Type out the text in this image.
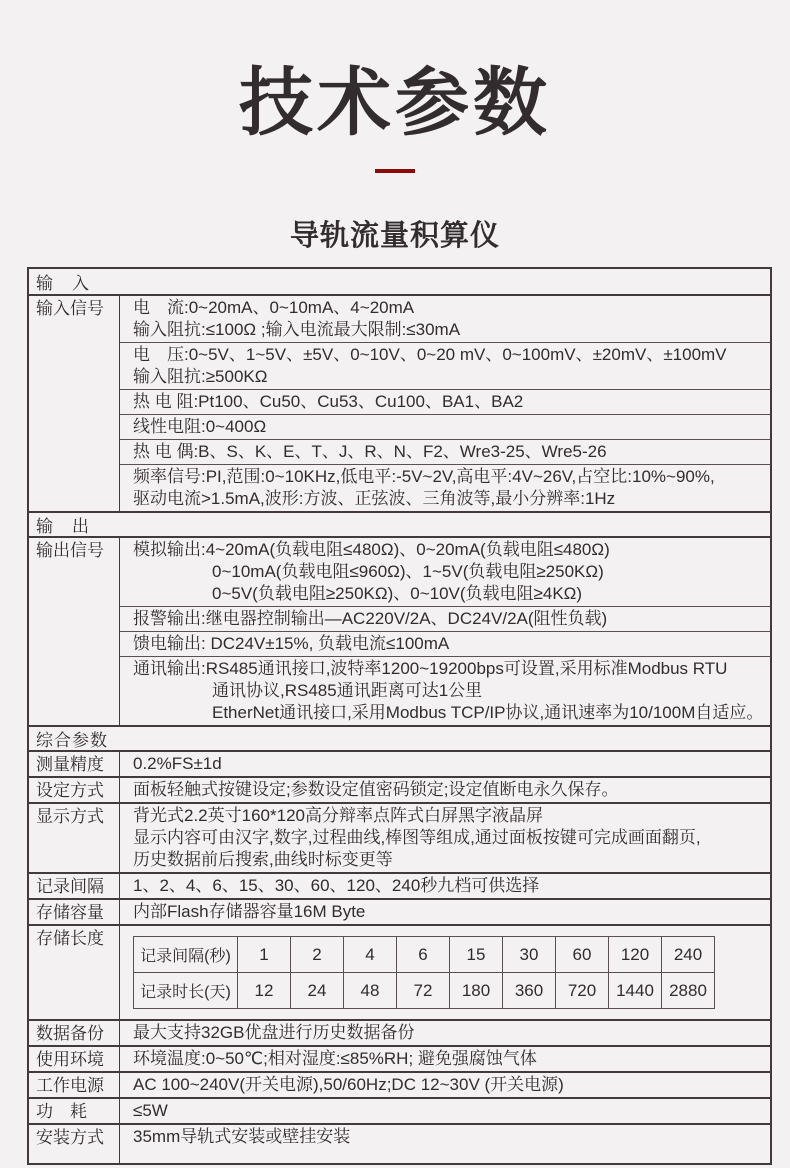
技术参数
导轨流量积算仪
输　入
输入信号	电　流:0~20mA、0~10mA、4~20mA
输入阻抗:≤100Ω ;输入电流最大限制:≤30mA
电　压:0~5V、1~5V、±5V、0~10V、0~20 mV、0~100mV、±20mV、±100mV
输入阻抗:≥500KΩ
热 电 阻:Pt100、Cu50、Cu53、Cu100、BA1、BA2
线性电阻:0~400Ω
热 电 偶:B、S、K、E、T、J、R、N、F2、Wre3-25、Wre5-26
频率信号:PI,范围:0~10KHz,低电平:-5V~2V,高电平:4V~26V,占空比:10%~90%,
驱动电流>1.5mA,波形:方波、正弦波、三角波等,最小分辨率:1Hz
输　出
输出信号	模拟输出:4~20mA(负载电阻≤480Ω)、0~20mA(负载电阻≤480Ω)
0~10mA(负载电阻≤960Ω)、1~5V(负载电阻≥250KΩ)
0~5V(负载电阻≥250KΩ)、0~10V(负载电阻≥4KΩ)
报警输出:继电器控制输出—AC220V/2A、DC24V/2A(阻性负载)
馈电输出: DC24V±15%, 负载电流≤100mA
通讯输出:RS485通讯接口,波特率1200~19200bps可设置,采用标准Modbus RTU
通讯协议,RS485通讯距离可达1公里
EtherNet通讯接口,采用Modbus TCP/IP协议,通讯速率为10/100M自适应。
综合参数
测量精度	0.2%FS±1d
设定方式	面板轻触式按键设定;参数设定值密码锁定;设定值断电永久保存。
显示方式	背光式2.2英寸160*120高分辩率点阵式白屏黑字液晶屏
显示内容可由汉字,数字,过程曲线,棒图等组成,通过面板按键可完成画面翻页,
历史数据前后搜索,曲线时标变更等
记录间隔	1、2、4、6、15、30、60、120、240秒九档可供选择
存储容量	内部Flash存储器容量16M Byte
存储长度
记录间隔(秒)	1	2	4	6	15	30	60	120	240
记录时长(天)	12	24	48	72	180	360	720	1440	2880
数据备份	最大支持32GB优盘进行历史数据备份
使用环境	环境温度:0~50℃;相对湿度:≤85%RH; 避免强腐蚀气体
工作电源	AC 100~240V(开关电源),50/60Hz;DC 12~30V (开关电源)
功　耗	≤5W
安装方式	35mm导轨式安装或壁挂安装
